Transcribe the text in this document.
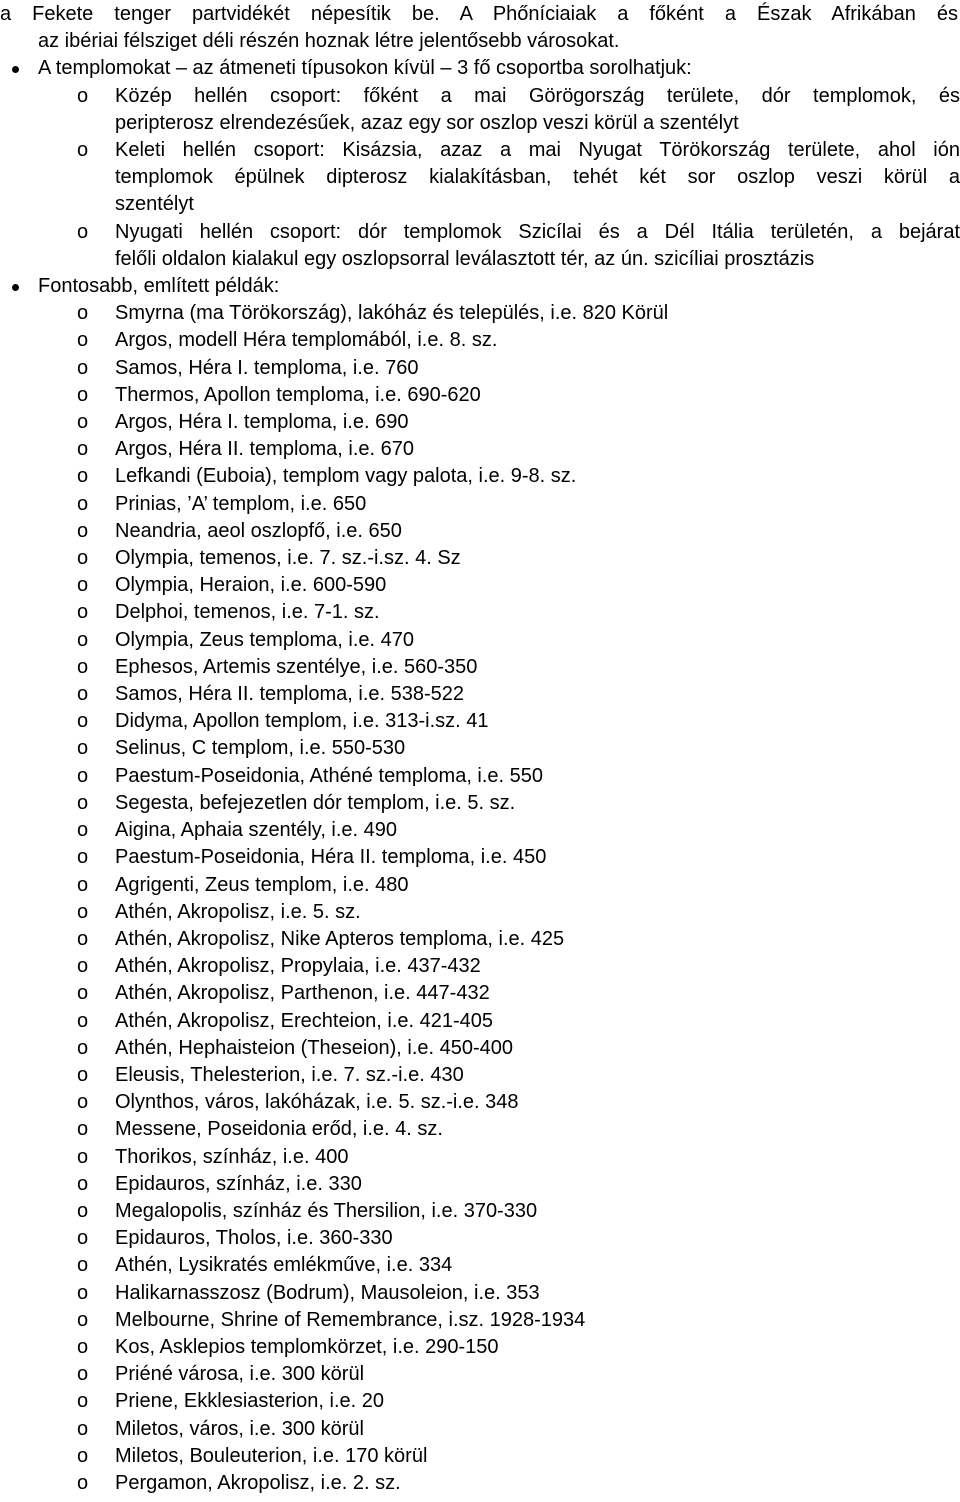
a Fekete tenger partvidékét népesítik be. A Phőníciaiak a főként a Észak Afrikában és
az ibériai félsziget déli részén hoznak létre jelentősebb városokat.
A templomokat – az átmeneti típusokon kívül – 3 fő csoportba sorolhatjuk:
o Közép hellén csoport: főként a mai Görögország területe, dór templomok, és
peripterosz elrendezésűek, azaz egy sor oszlop veszi körül a szentélyt
o Keleti hellén csoport: Kisázsia, azaz a mai Nyugat Törökország területe, ahol ión
templomok épülnek dipterosz kialakításban, tehét két sor oszlop veszi körül a
szentélyt
o Nyugati hellén csoport: dór templomok Szicílai és a Dél Itália területén, a bejárat
felőli oldalon kialakul egy oszlopsorral leválasztott tér, az ún. szicíliai prosztázis
Fontosabb, említett példák:
o Smyrna (ma Törökország), lakóház és település, i.e. 820 Körül
o Argos, modell Héra templomából, i.e. 8. sz.
o Samos, Héra I. temploma, i.e. 760
o Thermos, Apollon temploma, i.e. 690-620
o Argos, Héra I. temploma, i.e. 690
o Argos, Héra II. temploma, i.e. 670
o Lefkandi (Euboia), templom vagy palota, i.e. 9-8. sz.
o Prinias, ’A’ templom, i.e. 650
o Neandria, aeol oszlopfő, i.e. 650
o Olympia, temenos, i.e. 7. sz.-i.sz. 4. Sz
o Olympia, Heraion, i.e. 600-590
o Delphoi, temenos, i.e. 7-1. sz.
o Olympia, Zeus temploma, i.e. 470
o Ephesos, Artemis szentélye, i.e. 560-350
o Samos, Héra II. temploma, i.e. 538-522
o Didyma, Apollon templom, i.e. 313-i.sz. 41
o Selinus, C templom, i.e. 550-530
o Paestum-Poseidonia, Athéné temploma, i.e. 550
o Segesta, befejezetlen dór templom, i.e. 5. sz.
o Aigina, Aphaia szentély, i.e. 490
o Paestum-Poseidonia, Héra II. temploma, i.e. 450
o Agrigenti, Zeus templom, i.e. 480
o Athén, Akropolisz, i.e. 5. sz.
o Athén, Akropolisz, Nike Apteros temploma, i.e. 425
o Athén, Akropolisz, Propylaia, i.e. 437-432
o Athén, Akropolisz, Parthenon, i.e. 447-432
o Athén, Akropolisz, Erechteion, i.e. 421-405
o Athén, Hephaisteion (Theseion), i.e. 450-400
o Eleusis, Thelesterion, i.e. 7. sz.-i.e. 430
o Olynthos, város, lakóházak, i.e. 5. sz.-i.e. 348
o Messene, Poseidonia erőd, i.e. 4. sz.
o Thorikos, színház, i.e. 400
o Epidauros, színház, i.e. 330
o Megalopolis, színház és Thersilion, i.e. 370-330
o Epidauros, Tholos, i.e. 360-330
o Athén, Lysikratés emlékműve, i.e. 334
o Halikarnasszosz (Bodrum), Mausoleion, i.e. 353
o Melbourne, Shrine of Remembrance, i.sz. 1928-1934
o Kos, Asklepios templomkörzet, i.e. 290-150
o Priéné városa, i.e. 300 körül
o Priene, Ekklesiasterion, i.e. 20
o Miletos, város, i.e. 300 körül
o Miletos, Bouleuterion, i.e. 170 körül
o Pergamon, Akropolisz, i.e. 2. sz.
